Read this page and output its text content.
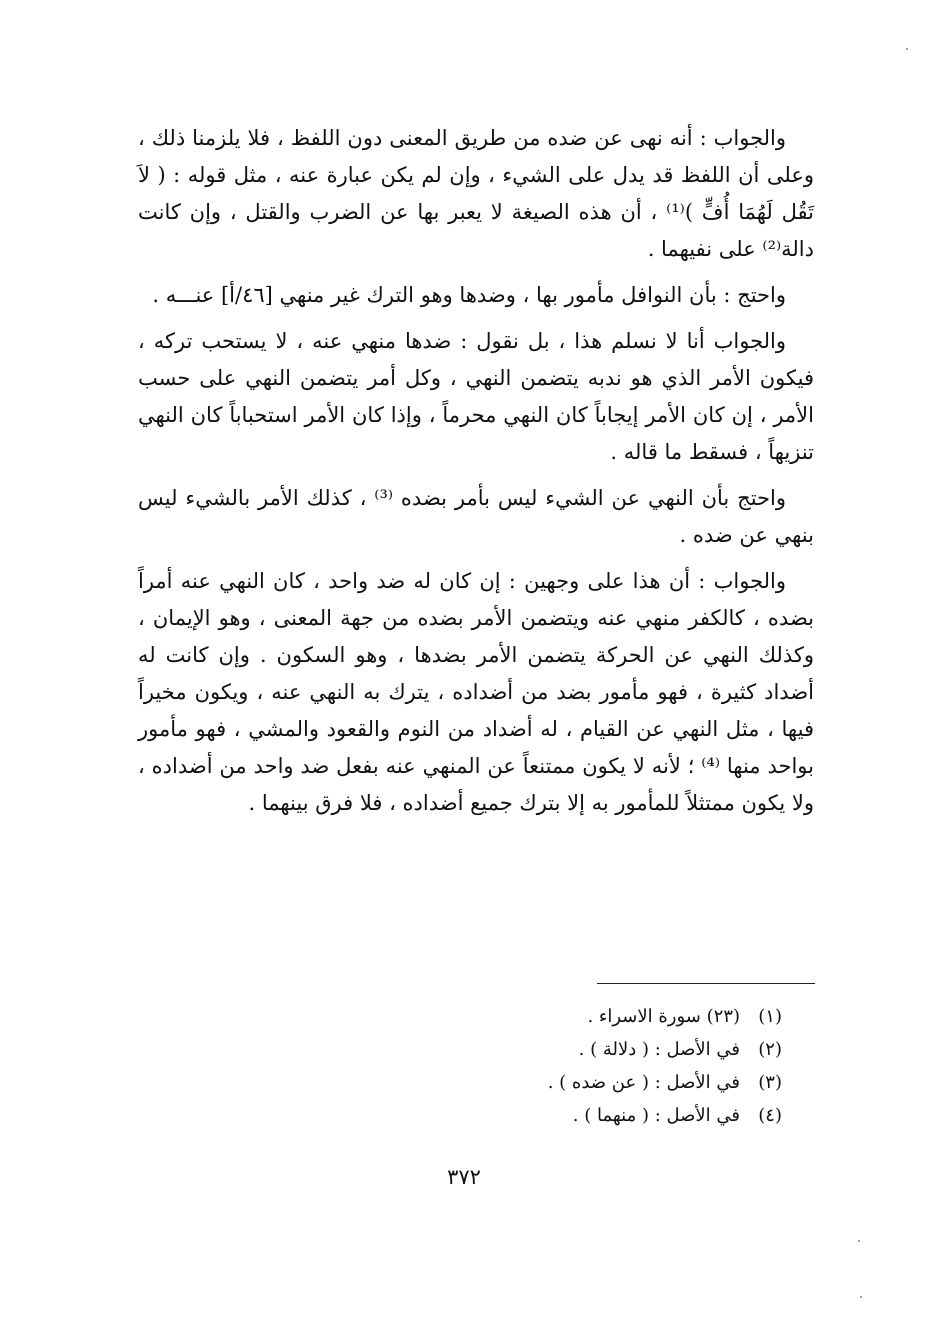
والجواب : أنه نهى عن ضده من طريق المعنى دون اللفظ ، فلا يلزمنا ذلك ، وعلى أن اللفظ قد يدل على الشيء ، وإن لم يكن عبارة عنه ، مثل قوله : ( لاَ تَقُل لَهُمَا أُفٍّ )⁽¹⁾ ، أن هذه الصيغة لا يعبر بها عن الضرب والقتل ، وإن كانت دالة⁽²⁾ على نفيهما .

واحتج : بأن النوافل مأمور بها ، وضدها وهو الترك غير منهي [٤٦/أ] عنـــه .

والجواب أنا لا نسلم هذا ، بل نقول : ضدها منهي عنه ، لا يستحب تركه ، فيكون الأمر الذي هو ندبه يتضمن النهي ، وكل أمر يتضمن النهي على حسب الأمر ، إن كان الأمر إيجاباً كان النهي محرماً ، وإذا كان الأمر استحباباً كان النهي تنزيهاً ، فسقط ما قاله .

واحتج بأن النهي عن الشيء ليس بأمر بضده ⁽³⁾ ، كذلك الأمر بالشيء ليس بنهي عن ضده .

والجواب : أن هذا على وجهين : إن كان له ضد واحد ، كان النهي عنه أمراً بضده ، كالكفر منهي عنه ويتضمن الأمر بضده من جهة المعنى ، وهو الإيمان ، وكذلك النهي عن الحركة يتضمن الأمر بضدها ، وهو السكون . وإن كانت له أضداد كثيرة ، فهو مأمور بضد من أضداده ، يترك به النهي عنه ، ويكون مخيراً فيها ، مثل النهي عن القيام ، له أضداد من النوم والقعود والمشي ، فهو مأمور بواحد منها ⁽⁴⁾ ؛ لأنه لا يكون ممتنعاً عن المنهي عنه بفعل ضد واحد من أضداده ، ولا يكون ممتثلاً للمأمور به إلا بترك جميع أضداده ، فلا فرق بينهما .

(١)
(٢٣) سورة الاسراء .
(٢)
في الأصل : ( دلالة ) .
(٣)
في الأصل : ( عن ضده ) .
(٤)
في الأصل : ( منهما ) .
٣٧٢
